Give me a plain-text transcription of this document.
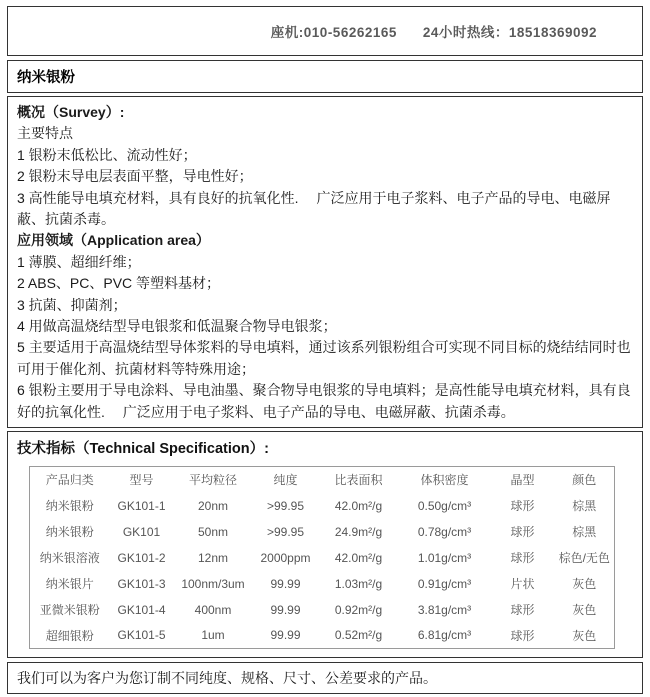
座机:010-56262165 24小时热线：18518369092
纳米银粉
概况（Survey）:
主要特点
1 银粉末低松比、流动性好；
2 银粉末导电层表面平整，导电性好；
3 高性能导电填充材料，具有良好的抗氧化性.　 广泛应用于电子浆料、电子产品的导电、电磁屏蔽、抗菌杀毒。
应用领域（Application area）
1 薄膜、超细纤维；
2 ABS、PC、PVC 等塑料基材；
3 抗菌、抑菌剂；
4 用做高温烧结型导电银浆和低温聚合物导电银浆；
5 主要适用于高温烧结型导体浆料的导电填料，通过该系列银粉组合可实现不同目标的烧结结同时也可用于催化剂、抗菌材料等特殊用途；
6 银粉主要用于导电涂料、导电油墨、聚合物导电银浆的导电填料；是高性能导电填充材料，具有良好的抗氧化性.　 广泛应用于电子浆料、电子产品的导电、电磁屏蔽、抗菌杀毒。
技术指标（Technical Specification）:
产品归类	型号	平均粒径	纯度	比表面积	体积密度	晶型	颜色
纳米银粉	GK101-1	20nm	>99.95	42.0m²/g	0.50g/cm³	球形	棕黑
纳米银粉	GK101	50nm	>99.95	24.9m²/g	0.78g/cm³	球形	棕黑
纳米银溶液	GK101-2	12nm	2000ppm	42.0m²/g	1.01g/cm³	球形	棕色/无色
纳米银片	GK101-3	100nm/3um	99.99	1.03m²/g	0.91g/cm³	片状	灰色
亚微米银粉	GK101-4	400nm	99.99	0.92m²/g	3.81g/cm³	球形	灰色
超细银粉	GK101-5	1um	99.99	0.52m²/g	6.81g/cm³	球形	灰色
我们可以为客户为您订制不同纯度、规格、尺寸、公差要求的产品。
